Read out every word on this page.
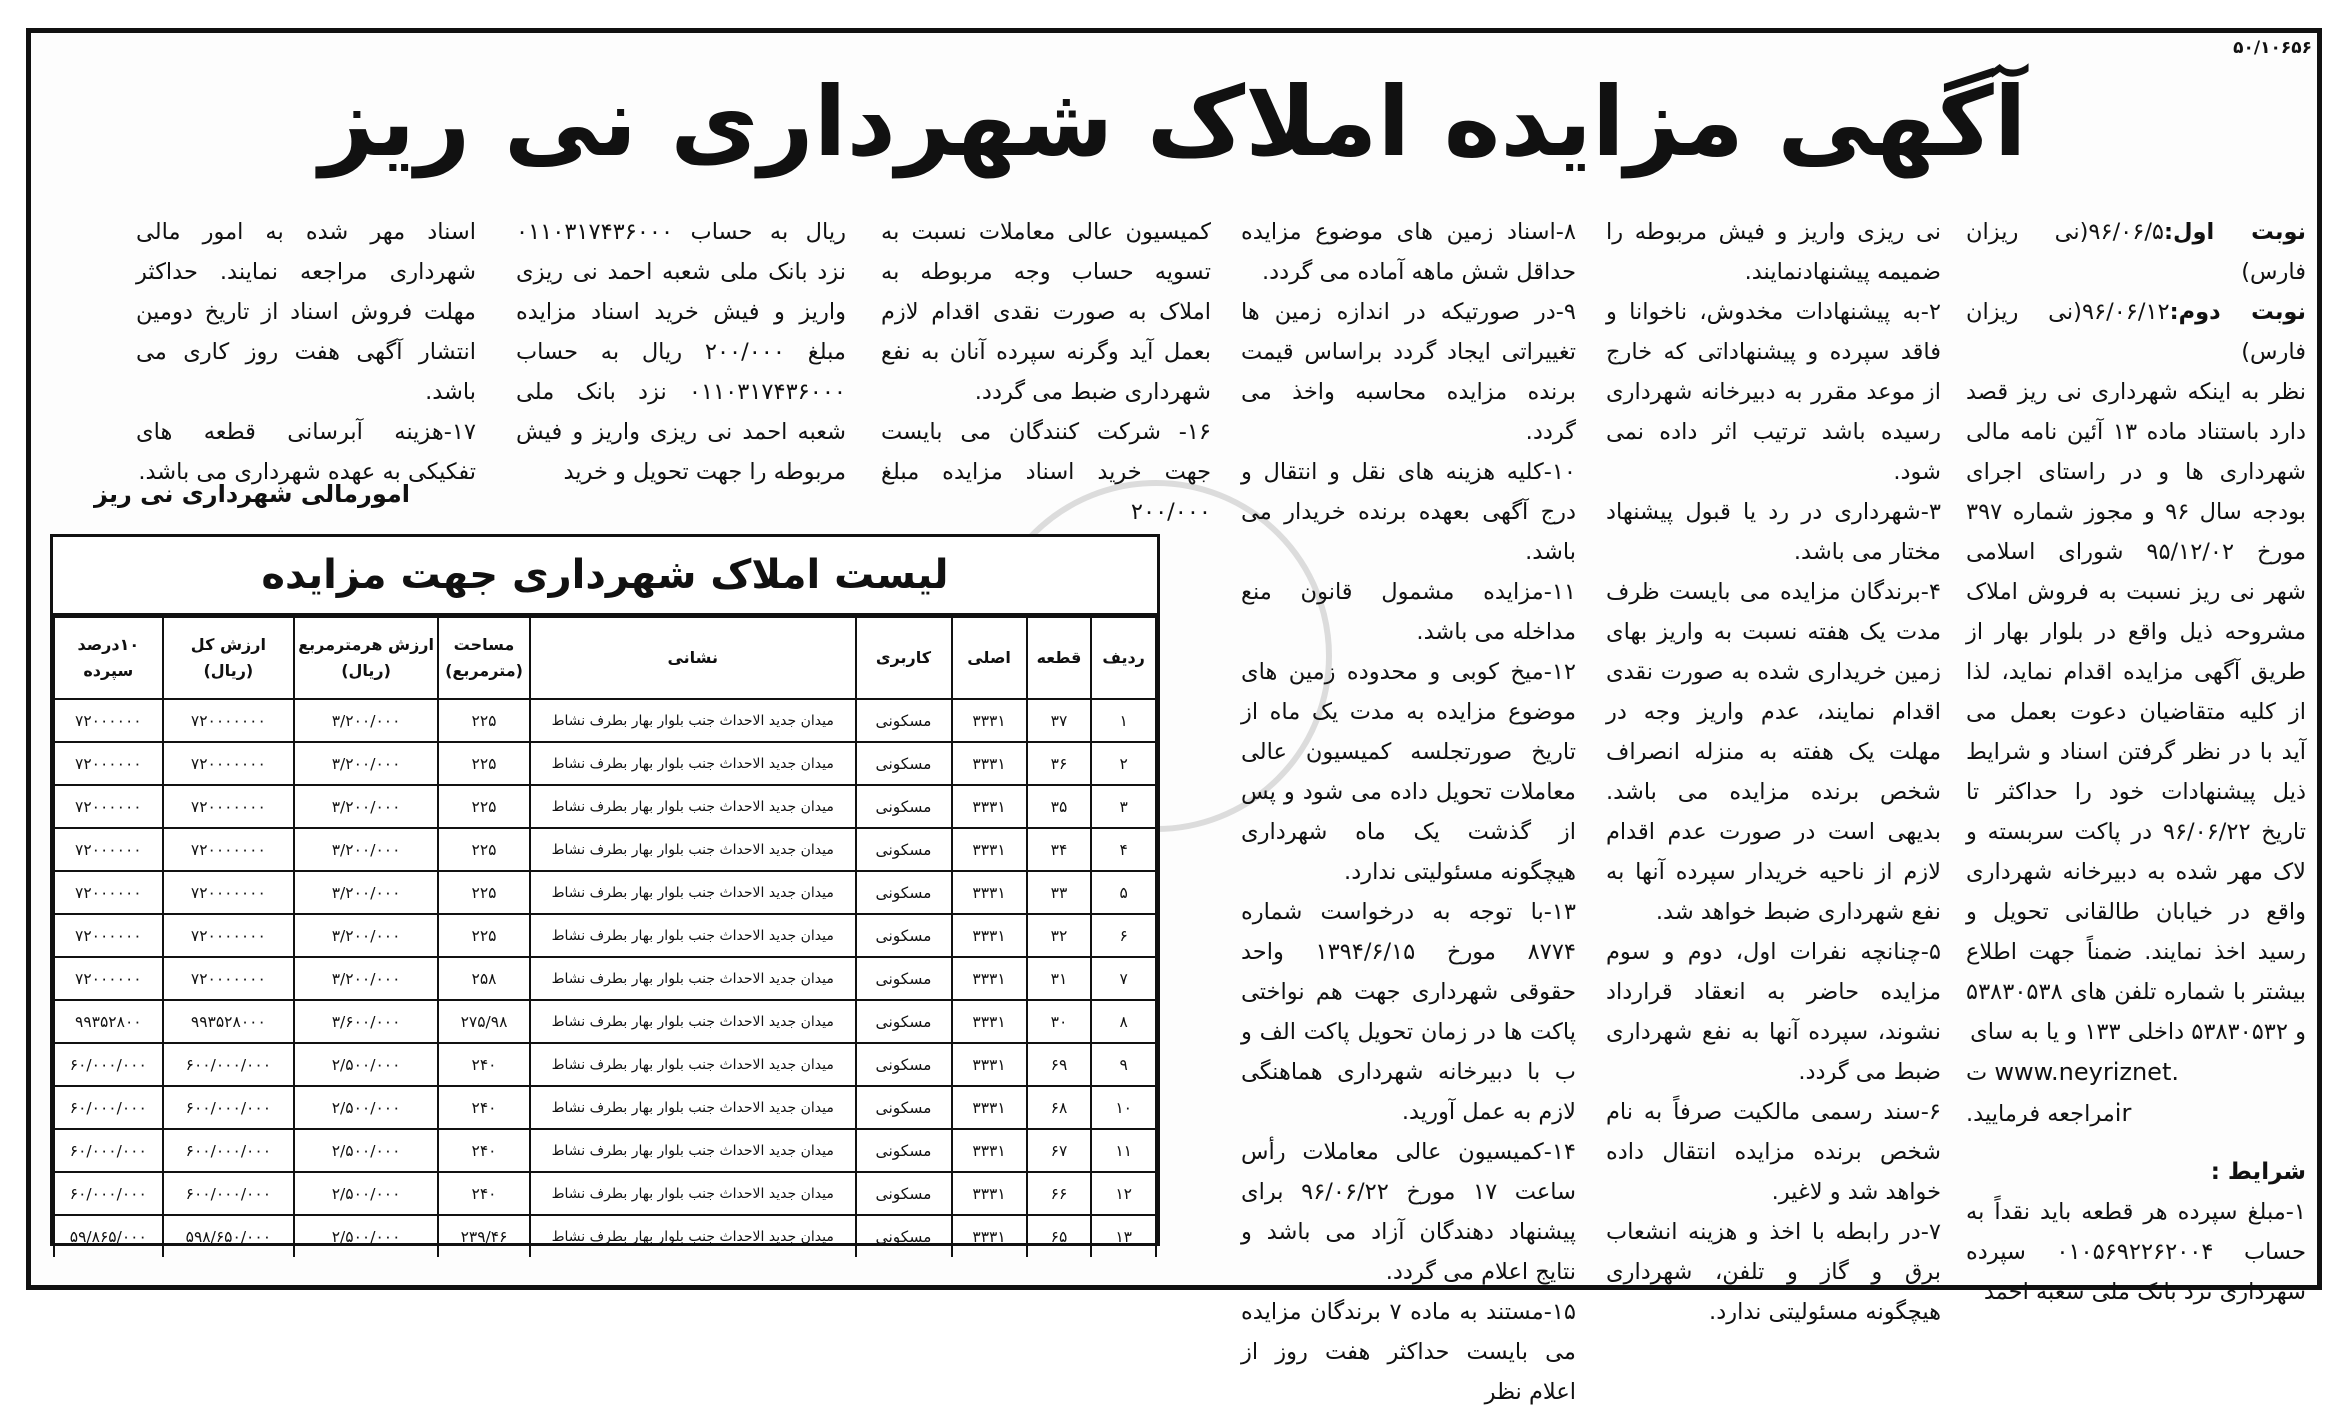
۵۰/۱۰۶۵۶
آگهی مزایده املاک شهرداری نی ریز
نوبت اول:۹۶/۰۶/۵(نی ریزان فارس)
نوبت دوم:۹۶/۰۶/۱۲(نی ریزان فارس)
نظر به اینکه شهرداری نی ریز قصد دارد باستناد ماده ۱۳ آئین نامه مالی شهرداری ها و در راستای اجرای بودجه سال ۹۶ و مجوز شماره ۳۹۷ مورخ ۹۵/۱۲/۰۲ شورای اسلامی شهر نی ریز نسبت به فروش املاک مشروحه ذیل واقع در بلوار بهار از طریق آگهی مزایده اقدام نماید، لذا از کلیه متقاضیان دعوت بعمل می آید با در نظر گرفتن اسناد و شرایط ذیل پیشنهادات خود را حداکثر تا تاریخ ۹۶/۰۶/۲۲ در پاکت سربسته و لاک مهر شده به دبیرخانه شهرداری واقع در خیابان طالقانی تحویل و رسید اخذ نمایند. ضمناً جهت اطلاع بیشتر با شماره تلفن های ۵۳۸۳۰۵۳۸ و ۵۳۸۳۰۵۳۲ داخلی ۱۳۳ و یا به سای
www.neyriznet. ت
irمراجعه فرمایید.
شرایط :
۱-مبلغ سپرده هر قطعه باید نقداً به حساب ۰۱۰۵۶۹۲۲۶۲۰۰۴ سپرده شهرداری نزد بانک ملی شعبه احمد
نی ریزی واریز و فیش مربوطه را ضمیمه پیشنهادنمایند.
۲-به پیشنهادات مخدوش، ناخوانا و فاقد سپرده و پیشنهاداتی که خارج از موعد مقرر به دبیرخانه شهرداری رسیده باشد ترتیب اثر داده نمی شود.
۳-شهرداری در رد یا قبول پیشنهاد مختار می باشد.
۴-برندگان مزایده می بایست ظرف مدت یک هفته نسبت به واریز بهای زمین خریداری شده به صورت نقدی اقدام نمایند، عدم واریز وجه در مهلت یک هفته به منزله انصراف شخص برنده مزایده می باشد. بدیهی است در صورت عدم اقدام لازم از ناحیه خریدار سپرده آنها به نفع شهرداری ضبط خواهد شد.
۵-چنانچه نفرات اول، دوم و سوم مزایده حاضر به انعقاد قرارداد نشوند، سپرده آنها به نفع شهرداری ضبط می گردد.
۶-سند رسمی مالکیت صرفاً به نام شخص برنده مزایده انتقال داده خواهد شد و لاغیر.
۷-در رابطه با اخذ و هزینه انشعاب برق و گاز و تلفن، شهرداری هیچگونه مسئولیتی ندارد.
۸-اسناد زمین های موضوع مزایده حداقل شش ماهه آماده می گردد.
۹-در صورتیکه در اندازه زمین ها تغییراتی ایجاد گردد براساس قیمت برنده مزایده محاسبه واخذ می گردد.
۱۰-کلیه هزینه های نقل و انتقال و درج آگهی بعهده برنده خریدار می باشد.
۱۱-مزایده مشمول قانون منع مداخله می باشد.
۱۲-میخ کوبی و محدوده زمین های موضوع مزایده به مدت یک ماه از تاریخ صورتجلسه کمیسیون عالی معاملات تحویل داده می شود و پس از گذشت یک ماه شهرداری هیچگونه مسئولیتی ندارد.
۱۳-با توجه به درخواست شماره ۸۷۷۴ مورخ ۱۳۹۴/۶/۱۵ واحد حقوقی شهرداری جهت هم نواختی پاکت ها در زمان تحویل پاکت الف و ب با دبیرخانه شهرداری هماهنگی لازم به عمل آورید.
۱۴-کمیسیون عالی معاملات رأس ساعت ۱۷ مورخ ۹۶/۰۶/۲۲ برای پیشنهاد دهندگان آزاد می باشد و نتایج اعلام می گردد.
۱۵-مستند به ماده ۷ برندگان مزایده می بایست حداکثر هفت روز از اعلام نظر
کمیسیون عالی معاملات نسبت به تسویه حساب وجه مربوطه به املاک به صورت نقدی اقدام لازم بعمل آید وگرنه سپرده آنان به نفع شهرداری ضبط می گردد.
۱۶- شرکت کنندگان می بایست جهت خرید اسناد مزایده مبلغ ۲۰۰/۰۰۰
ریال به حساب ۰۱۱۰۳۱۷۴۳۶۰۰۰ نزد بانک ملی شعبه احمد نی ریزی واریز و فیش خرید اسناد مزایده مبلغ ۲۰۰/۰۰۰ ریال به حساب ۰۱۱۰۳۱۷۴۳۶۰۰۰ نزد بانک ملی شعبه احمد نی ریزی واریز و فیش مربوطه را جهت تحویل و خرید
اسناد مهر شده به امور مالی شهرداری مراجعه نمایند. حداکثر مهلت فروش اسناد از تاریخ دومین انتشار آگهی هفت روز کاری می باشد.
۱۷-هزینه آبرسانی قطعه های تفکیکی به عهده شهرداری می باشد.
امورمالی شهرداری نی ریز
لیست املاک شهرداری جهت مزایده
ردیف	قطعه	اصلی	کاربری	نشانی	مساحت (مترمربع)	ارزش هرمترمربع (ریال)	ارزش کل (ریال)	۱۰درصد سپرده
۱	۳۷	۳۳۳۱	مسکونی	میدان جدید الاحداث جنب بلوار بهار بطرف نشاط	۲۲۵	۳/۲۰۰/۰۰۰	۷۲۰۰۰۰۰۰۰	۷۲۰۰۰۰۰۰
۲	۳۶	۳۳۳۱	مسکونی	میدان جدید الاحداث جنب بلوار بهار بطرف نشاط	۲۲۵	۳/۲۰۰/۰۰۰	۷۲۰۰۰۰۰۰۰	۷۲۰۰۰۰۰۰
۳	۳۵	۳۳۳۱	مسکونی	میدان جدید الاحداث جنب بلوار بهار بطرف نشاط	۲۲۵	۳/۲۰۰/۰۰۰	۷۲۰۰۰۰۰۰۰	۷۲۰۰۰۰۰۰
۴	۳۴	۳۳۳۱	مسکونی	میدان جدید الاحداث جنب بلوار بهار بطرف نشاط	۲۲۵	۳/۲۰۰/۰۰۰	۷۲۰۰۰۰۰۰۰	۷۲۰۰۰۰۰۰
۵	۳۳	۳۳۳۱	مسکونی	میدان جدید الاحداث جنب بلوار بهار بطرف نشاط	۲۲۵	۳/۲۰۰/۰۰۰	۷۲۰۰۰۰۰۰۰	۷۲۰۰۰۰۰۰
۶	۳۲	۳۳۳۱	مسکونی	میدان جدید الاحداث جنب بلوار بهار بطرف نشاط	۲۲۵	۳/۲۰۰/۰۰۰	۷۲۰۰۰۰۰۰۰	۷۲۰۰۰۰۰۰
۷	۳۱	۳۳۳۱	مسکونی	میدان جدید الاحداث جنب بلوار بهار بطرف نشاط	۲۵۸	۳/۲۰۰/۰۰۰	۷۲۰۰۰۰۰۰۰	۷۲۰۰۰۰۰۰
۸	۳۰	۳۳۳۱	مسکونی	میدان جدید الاحداث جنب بلوار بهار بطرف نشاط	۲۷۵/۹۸	۳/۶۰۰/۰۰۰	۹۹۳۵۲۸۰۰۰	۹۹۳۵۲۸۰۰
۹	۶۹	۳۳۳۱	مسکونی	میدان جدید الاحداث جنب بلوار بهار بطرف نشاط	۲۴۰	۲/۵۰۰/۰۰۰	۶۰۰/۰۰۰/۰۰۰	۶۰/۰۰۰/۰۰۰
۱۰	۶۸	۳۳۳۱	مسکونی	میدان جدید الاحداث جنب بلوار بهار بطرف نشاط	۲۴۰	۲/۵۰۰/۰۰۰	۶۰۰/۰۰۰/۰۰۰	۶۰/۰۰۰/۰۰۰
۱۱	۶۷	۳۳۳۱	مسکونی	میدان جدید الاحداث جنب بلوار بهار بطرف نشاط	۲۴۰	۲/۵۰۰/۰۰۰	۶۰۰/۰۰۰/۰۰۰	۶۰/۰۰۰/۰۰۰
۱۲	۶۶	۳۳۳۱	مسکونی	میدان جدید الاحداث جنب بلوار بهار بطرف نشاط	۲۴۰	۲/۵۰۰/۰۰۰	۶۰۰/۰۰۰/۰۰۰	۶۰/۰۰۰/۰۰۰
۱۳	۶۵	۳۳۳۱	مسکونی	میدان جدید الاحداث جنب بلوار بهار بطرف نشاط	۲۳۹/۴۶	۲/۵۰۰/۰۰۰	۵۹۸/۶۵۰/۰۰۰	۵۹/۸۶۵/۰۰۰
